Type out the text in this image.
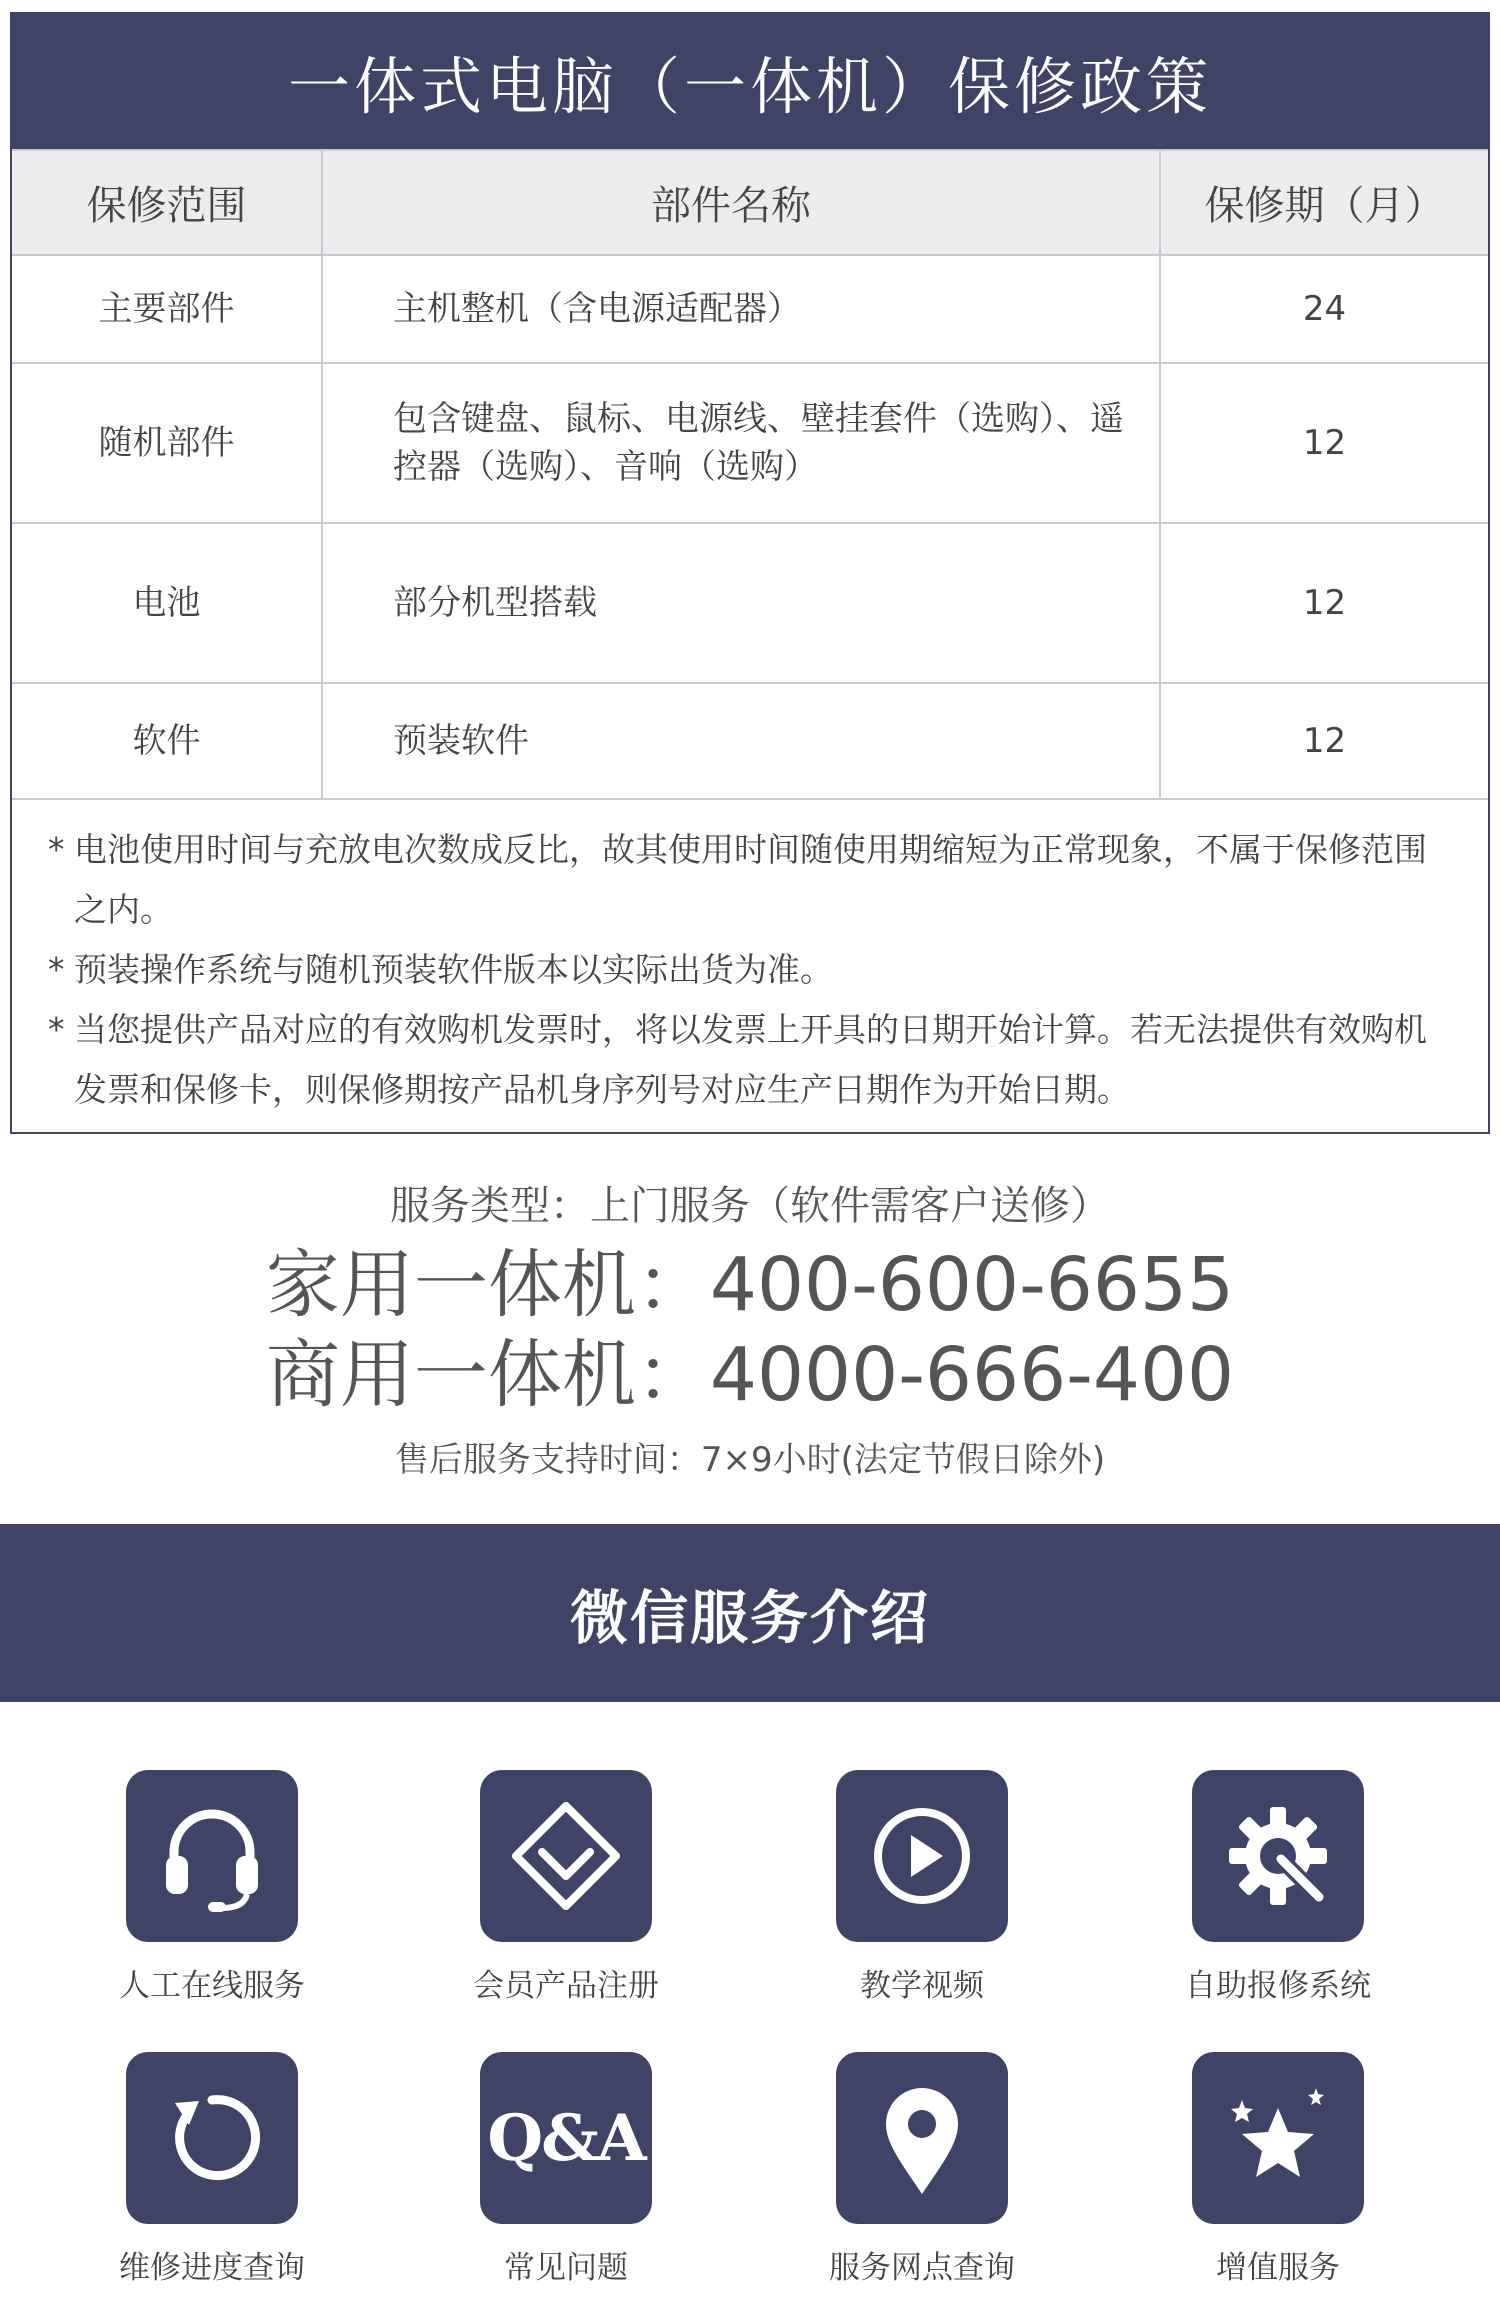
一体式电脑（一体机）保修政策
保修范围	部件名称	保修期（月）
主要部件	主机整机（含电源适配器）	24
随机部件	包含键盘、鼠标、电源线、壁挂套件（选购）、遥控器（选购）、音响（选购）	12
电池	部分机型搭载	12
软件	预装软件	12

* 电池使用时间与充放电次数成反比，故其使用时间随使用期缩短为正常现象，不属于保修范围之内。

* 预装操作系统与随机预装软件版本以实际出货为准。

* 当您提供产品对应的有效购机发票时，将以发票上开具的日期开始计算。若无法提供有效购机发票和保修卡，则保修期按产品机身序列号对应生产日期作为开始日期。

服务类型：上门服务（软件需客户送修）
家用一体机：400-600-6655
商用一体机：4000-666-400
售后服务支持时间：7×9小时(法定节假日除外)
微信服务介绍
人工在线服务	会员产品注册	教学视频	自助报修系统
维修进度查询
Q&A
常见问题	服务网点查询	增值服务
